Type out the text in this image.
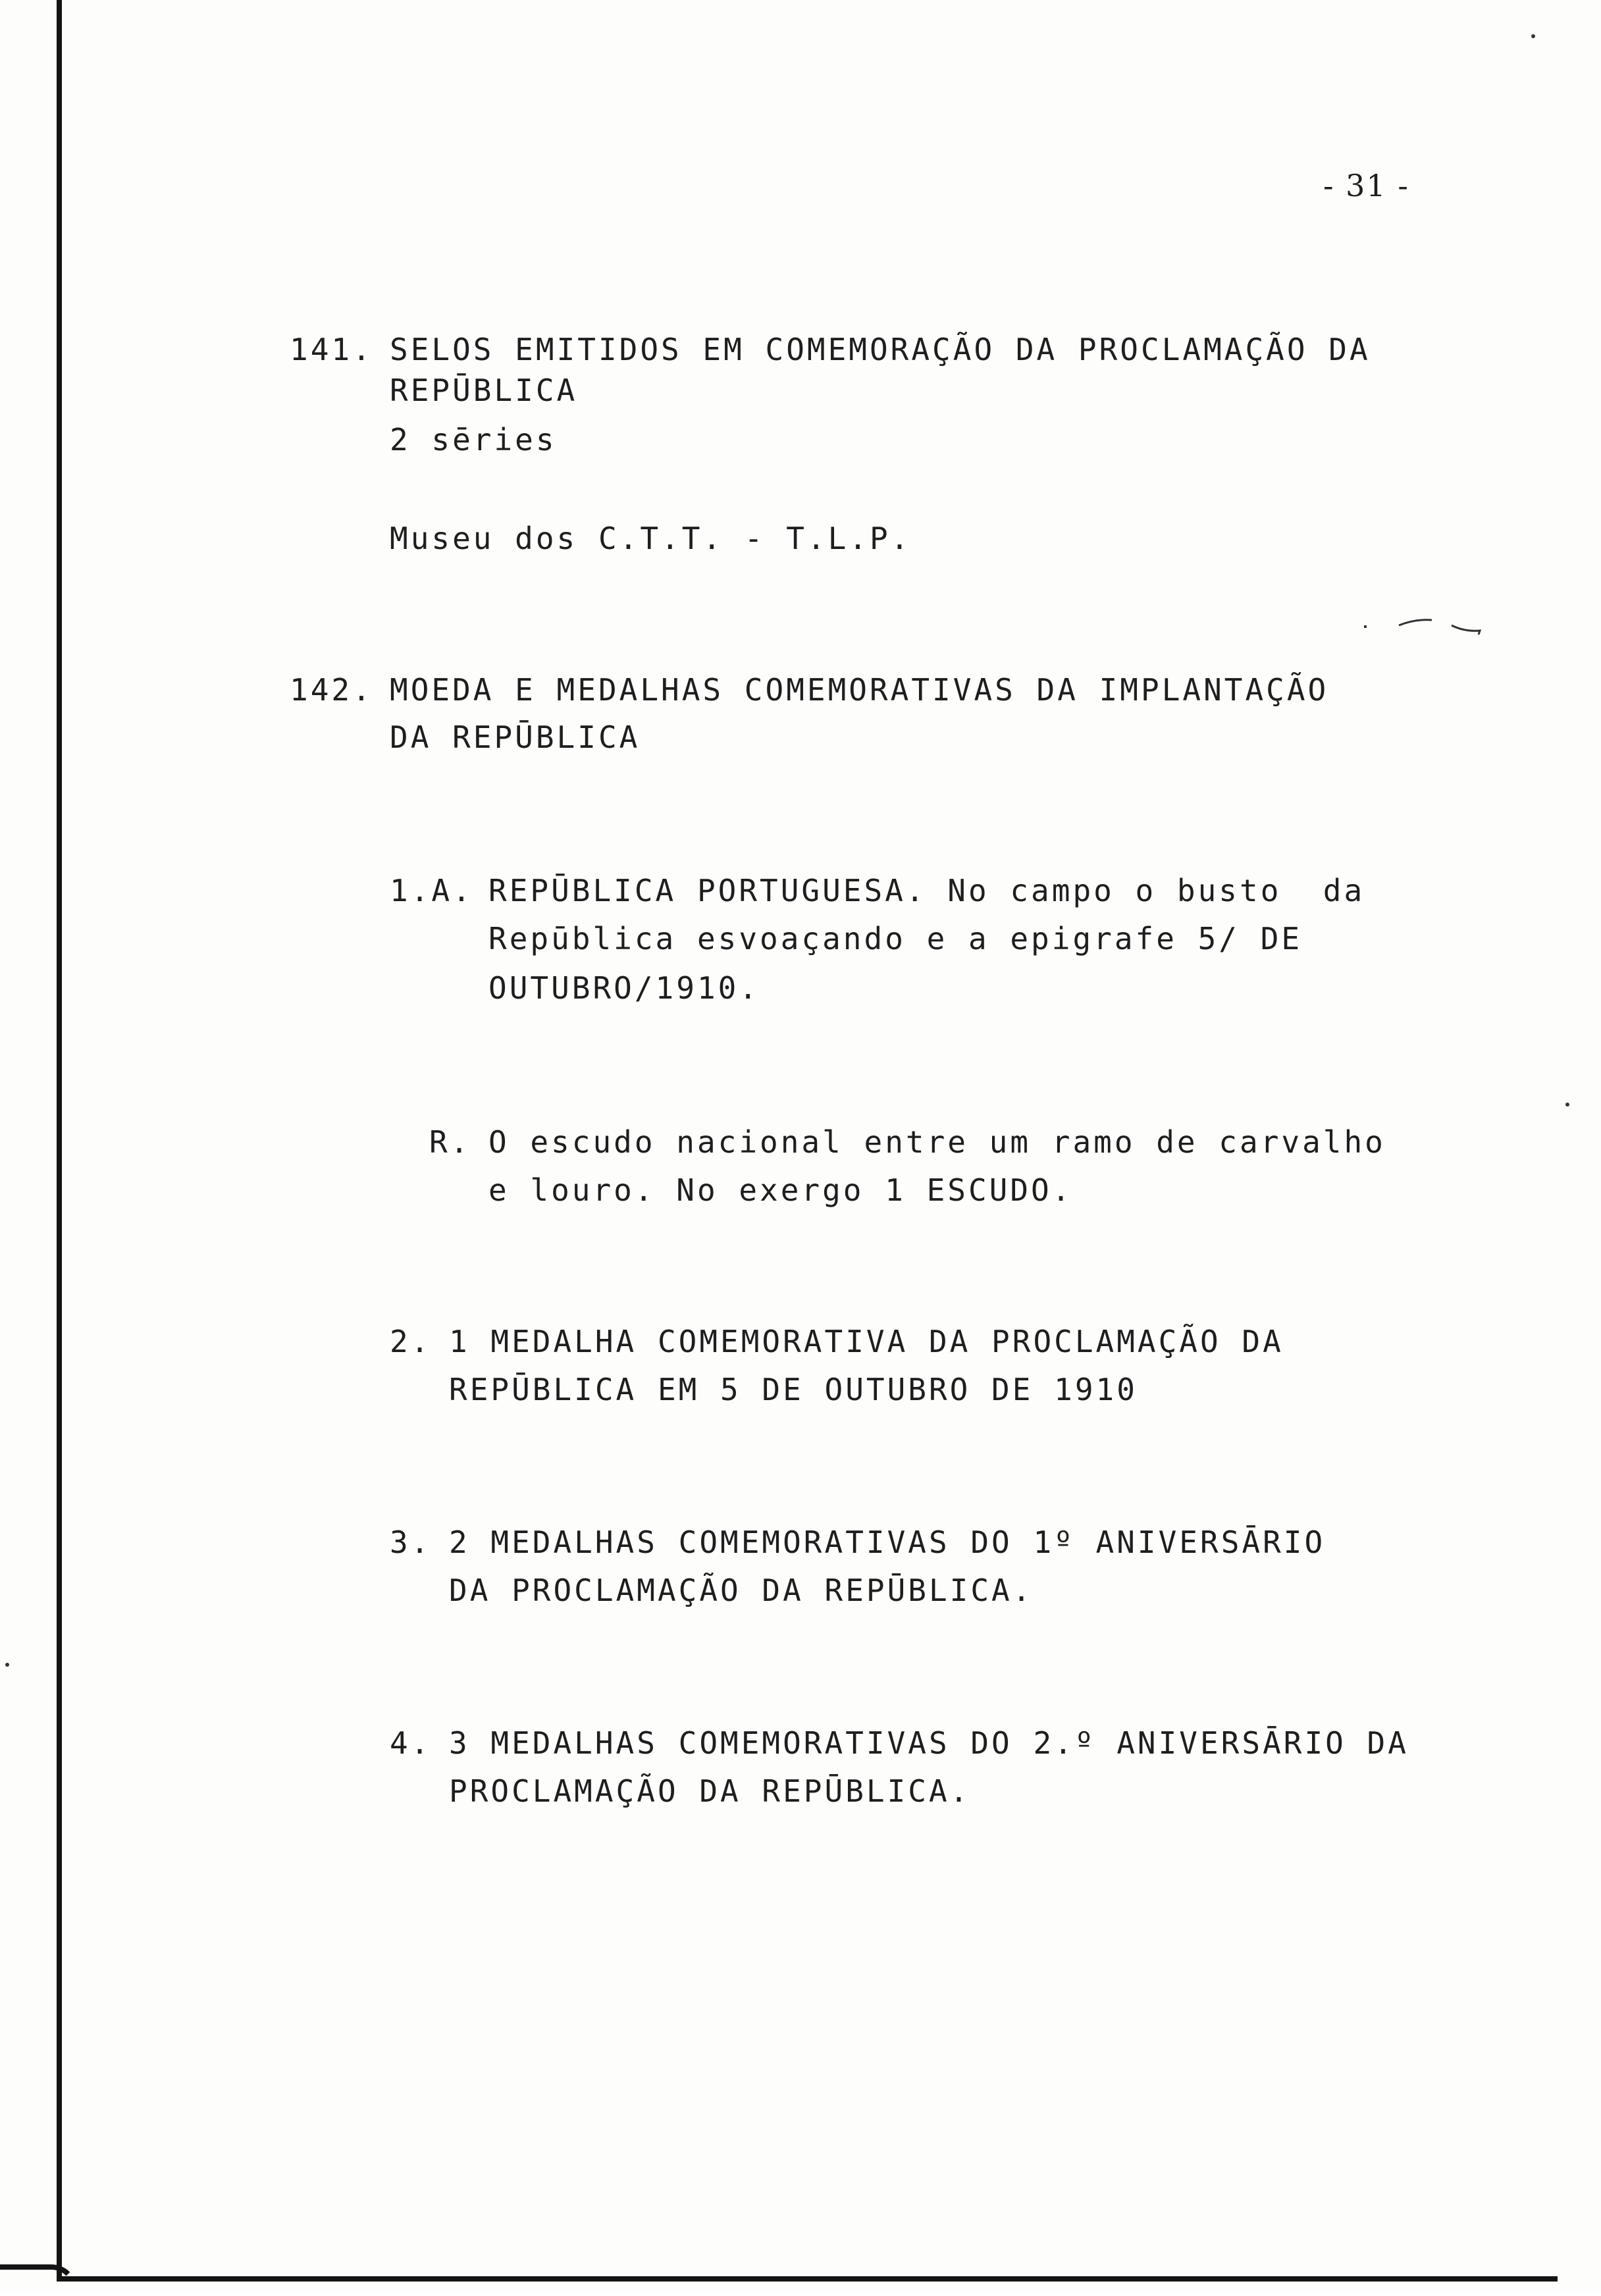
- 31 -
141. SELOS EMITIDOS EM COMEMORAÇÃO DA PROCLAMAÇÃO DA
REPŪBLICA
2 sēries
Museu dos C.T.T. - T.L.P.
142. MOEDA E MEDALHAS COMEMORATIVAS DA IMPLANTAÇÃO
DA REPŪBLICA
1.A. REPŪBLICA PORTUGUESA. No campo o busto  da
Repūblica esvoaçando e a epigrafe 5/ DE
OUTUBRO/1910.
R. O escudo nacional entre um ramo de carvalho
e louro. No exergo 1 ESCUDO.
2. 1 MEDALHA COMEMORATIVA DA PROCLAMAÇÃO DA
REPŪBLICA EM 5 DE OUTUBRO DE 1910
3. 2 MEDALHAS COMEMORATIVAS DO 1º ANIVERSĀRIO
DA PROCLAMAÇÃO DA REPŪBLICA.
4. 3 MEDALHAS COMEMORATIVAS DO 2.º ANIVERSĀRIO DA
PROCLAMAÇÃO DA REPŪBLICA.
